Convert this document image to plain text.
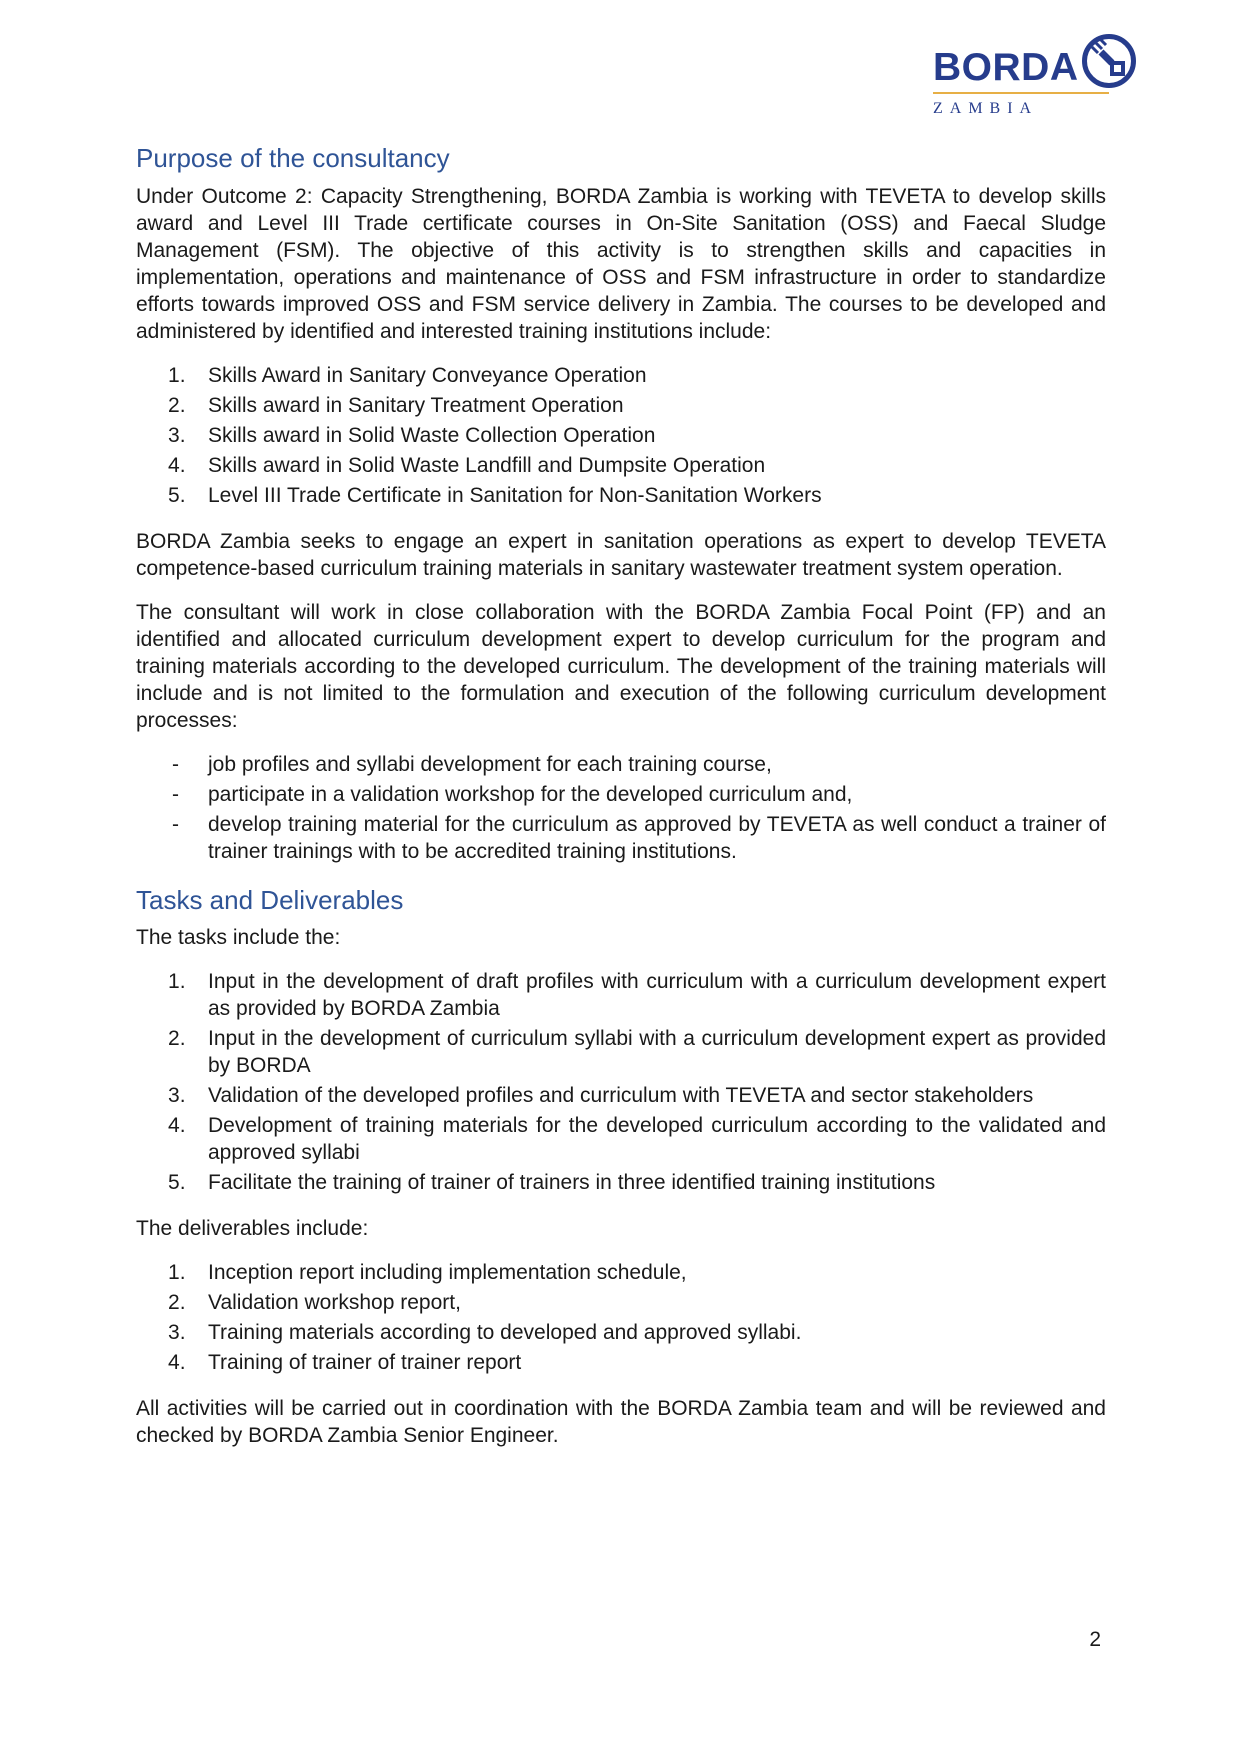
BORDA
ZAMBIA
Purpose of the consultancy

Under Outcome 2: Capacity Strengthening, BORDA Zambia is working with TEVETA to develop skills award and Level III Trade certificate courses in On-Site Sanitation (OSS) and Faecal Sludge Management (FSM). The objective of this activity is to strengthen skills and capacities in implementation, operations and maintenance of OSS and FSM infrastructure in order to standardize efforts towards improved OSS and FSM service delivery in Zambia. The courses to be developed and administered by identified and interested training institutions include:

Skills Award in Sanitary Conveyance Operation
Skills award in Sanitary Treatment Operation
Skills award in Solid Waste Collection Operation
Skills award in Solid Waste Landfill and Dumpsite Operation
Level III Trade Certificate in Sanitation for Non-Sanitation Workers

BORDA Zambia seeks to engage an expert in sanitation operations as expert to develop TEVETA competence-based curriculum training materials in sanitary wastewater treatment system operation.

The consultant will work in close collaboration with the BORDA Zambia Focal Point (FP) and an identified and allocated curriculum development expert to develop curriculum for the program and training materials according to the developed curriculum. The development of the training materials will include and is not limited to the formulation and execution of the following curriculum development processes:

- job profiles and syllabi development for each training course,
- participate in a validation workshop for the developed curriculum and,
- develop training material for the curriculum as approved by TEVETA as well conduct a trainer of trainer trainings with to be accredited training institutions.
Tasks and Deliverables

The tasks include the:

Input in the development of draft profiles with curriculum with a curriculum development expert as provided by BORDA Zambia
Input in the development of curriculum syllabi with a curriculum development expert as provided by BORDA
Validation of the developed profiles and curriculum with TEVETA and sector stakeholders
Development of training materials for the developed curriculum according to the validated and approved syllabi
Facilitate the training of trainer of trainers in three identified training institutions

The deliverables include:

Inception report including implementation schedule,
Validation workshop report,
Training materials according to developed and approved syllabi.
Training of trainer of trainer report

All activities will be carried out in coordination with the BORDA Zambia team and will be reviewed and checked by BORDA Zambia Senior Engineer.

2
